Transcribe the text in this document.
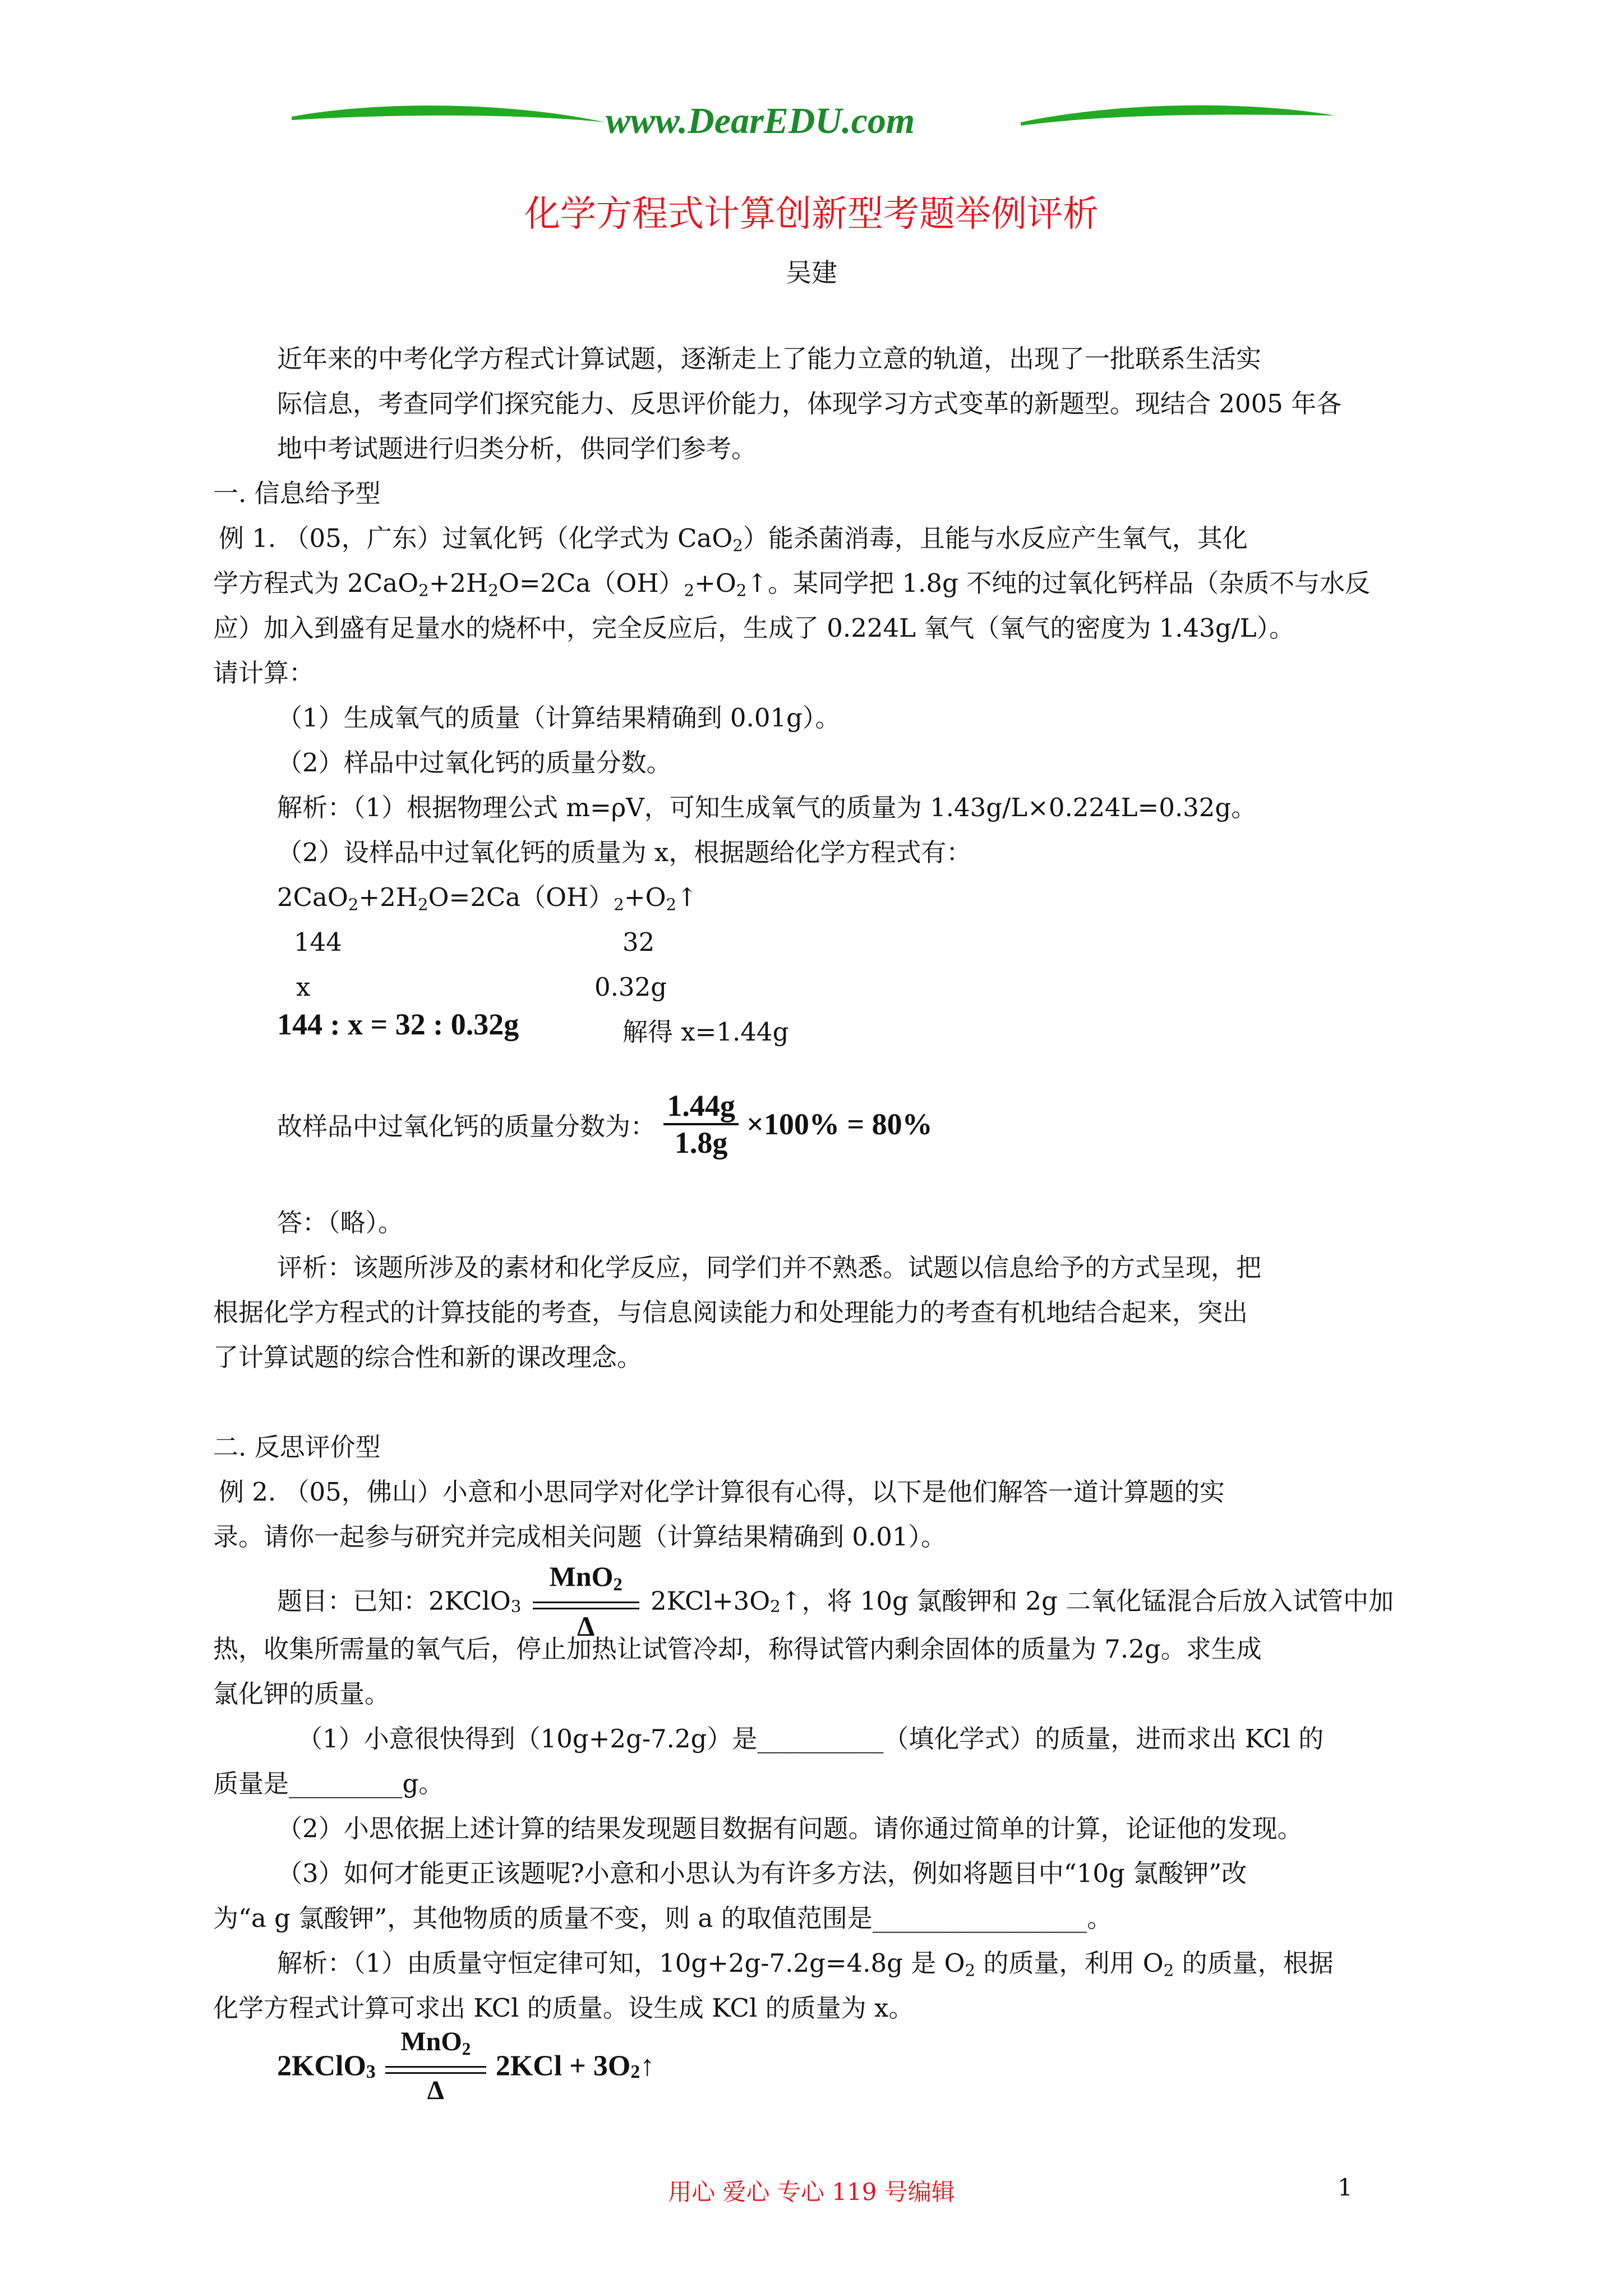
www.DearEDU.com
化学方程式计算创新型考题举例评析
吴建
近年来的中考化学方程式计算试题，逐渐走上了能力立意的轨道，出现了一批联系生活实
际信息，考查同学们探究能力、反思评价能力，体现学习方式变革的新题型。现结合 2005 年各
地中考试题进行归类分析，供同学们参考。
一. 信息给予型
例 1. （05，广东）过氧化钙（化学式为 CaO$_2$）能杀菌消毒，且能与水反应产生氧气，其化
学方程式为 $2CaO_2+2H_2O=2Ca(OH)_2+O_2↑$。某同学把 1.8g 不纯的过氧化钙样品（杂质不与水反
应）加入到盛有足量水的烧杯中，完全反应后，生成了 0.224L 氧气（氧气的密度为 1.43g/L）。
请计算：
（1）生成氧气的质量（计算结果精确到 0.01g）。
（2）样品中过氧化钙的质量分数。
解析：（1）根据物理公式 m=ρV，可知生成氧气的质量为 1.43g/L×0.224L=0.32g。
（2）设样品中过氧化钙的质量为 x，根据题给化学方程式有：
$2CaO_2+2H_2O=2Ca(OH)_2+O_2↑$
144	32
x	0.32g
144 : x = 32 : 0.32g	解得 x=1.44g
故样品中过氧化钙的质量分数为： $\frac{1.44g}{1.8g} \times 100\% = 80\%$
答：（略）。
评析：该题所涉及的素材和化学反应，同学们并不熟悉。试题以信息给予的方式呈现，把
根据化学方程式的计算技能的考查，与信息阅读能力和处理能力的考查有机地结合起来，突出
了计算试题的综合性和新的课改理念。
二. 反思评价型
例 2. （05，佛山）小意和小思同学对化学计算很有心得，以下是他们解答一道计算题的实
录。请你一起参与研究并完成相关问题（计算结果精确到 0.01）。
题目：已知：2KClO$_3$
MnO$_2$
Δ
$2KCl+3O_2↑$，将 10g 氯酸钾和 2g 二氧化锰混合后放入试管中加
热，收集所需量的氧气后，停止加热让试管冷却，称得试管内剩余固体的质量为 7.2g。求生成
氯化钾的质量。
（1）小意很快得到（10g+2g-7.2g）是__________（填化学式）的质量，进而求出 KCl 的
质量是_________g。
（2）小思依据上述计算的结果发现题目数据有问题。请你通过简单的计算，论证他的发现。
（3）如何才能更正该题呢?小意和小思认为有许多方法，例如将题目中“10g 氯酸钾”改
为“a g 氯酸钾”，其他物质的质量不变，则 a 的取值范围是_________________。
解析：（1）由质量守恒定律可知，10g+2g-7.2g=4.8g 是 $O_2$ 的质量，利用 $O_2$ 的质量，根据
化学方程式计算可求出 KCl 的质量。设生成 KCl 的质量为 x。
2KClO$_3$
MnO$_2$
Δ
$2KCl + 3O_2↑$
用心 爱心 专心 119 号编辑	1
